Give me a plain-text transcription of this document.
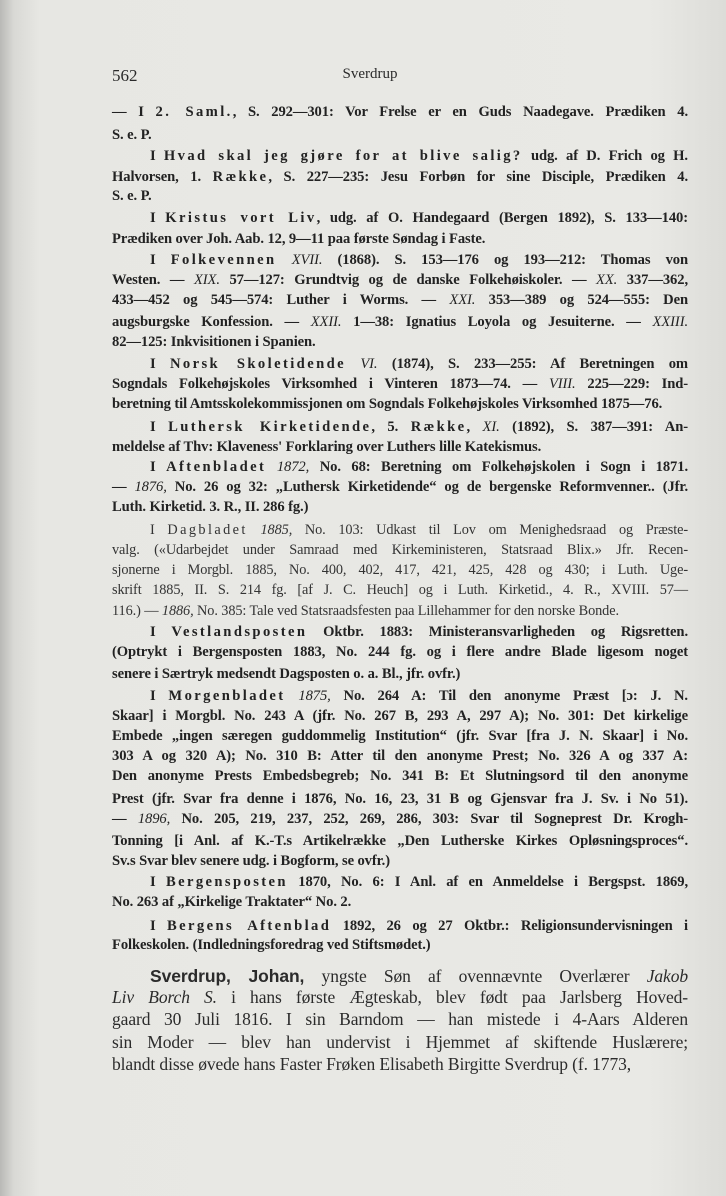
562	Sverdrup
— I 2. Saml., S. 292—301: Vor Frelse er en Guds Naadegave. Prædiken 4.
S. e. P.
I Hvad skal jeg gjøre for at blive salig? udg. af D. Frich og H.
Halvorsen, 1. Række, S. 227—235: Jesu Forbøn for sine Disciple, Prædiken 4.
S. e. P.
I Kristus vort Liv, udg. af O. Handegaard (Bergen 1892), S. 133—140:
Prædiken over Joh. Aab. 12, 9—11 paa første Søndag i Faste.
I Folkevennen XVII. (1868). S. 153—176 og 193—212: Thomas von
Westen. — XIX. 57—127: Grundtvig og de danske Folkehøiskoler. — XX. 337—362,
433—452 og 545—574: Luther i Worms. — XXI. 353—389 og 524—555: Den
augsburgske Konfession. — XXII. 1—38: Ignatius Loyola og Jesuiterne. — XXIII.
82—125: Inkvisitionen i Spanien.
I Norsk Skoletidende VI. (1874), S. 233—255: Af Beretningen om
Sogndals Folkehøjskoles Virksomhed i Vinteren 1873—74. — VIII. 225—229: Ind-
beretning til Amtsskolekommissjonen om Sogndals Folkehøjskoles Virksomhed 1875—76.
I Luthersk Kirketidende, 5. Række, XI. (1892), S. 387—391: An-
meldelse af Thv: Klaveness' Forklaring over Luthers lille Katekismus.
I Aftenbladet 1872, No. 68: Beretning om Folkehøjskolen i Sogn i 1871.
— 1876, No. 26 og 32: „Luthersk Kirketidende“ og de bergenske Reformvenner.. (Jfr.
Luth. Kirketid. 3. R., II. 286 fg.)
I Dagbladet 1885, No. 103: Udkast til Lov om Menighedsraad og Præste-
valg. («Udarbejdet under Samraad med Kirkeministeren, Statsraad Blix.» Jfr. Recen-
sjonerne i Morgbl. 1885, No. 400, 402, 417, 421, 425, 428 og 430; i Luth. Uge-
skrift 1885, II. S. 214 fg. [af J. C. Heuch] og i Luth. Kirketid., 4. R., XVIII. 57—
116.) — 1886, No. 385: Tale ved Statsraadsfesten paa Lillehammer for den norske Bonde.
I Vestlandsposten Oktbr. 1883: Ministeransvarligheden og Rigsretten.
(Optrykt i Bergensposten 1883, No. 244 fg. og i flere andre Blade ligesom noget
senere i Særtryk medsendt Dagsposten o. a. Bl., jfr. ovfr.)
I Morgenbladet 1875, No. 264 A: Til den anonyme Præst [ɔ: J. N.
Skaar] i Morgbl. No. 243 A (jfr. No. 267 B, 293 A, 297 A); No. 301: Det kirkelige
Embede „ingen særegen guddommelig Institution“ (jfr. Svar [fra J. N. Skaar] i No.
303 A og 320 A); No. 310 B: Atter til den anonyme Prest; No. 326 A og 337 A:
Den anonyme Prests Embedsbegreb; No. 341 B: Et Slutningsord til den anonyme
Prest (jfr. Svar fra denne i 1876, No. 16, 23, 31 B og Gjensvar fra J. Sv. i No 51).
— 1896, No. 205, 219, 237, 252, 269, 286, 303: Svar til Sogneprest Dr. Krogh-
Tonning [i Anl. af K.-T.s Artikelrække „Den Lutherske Kirkes Opløsningsproces“.
Sv.s Svar blev senere udg. i Bogform, se ovfr.)
I Bergensposten 1870, No. 6: I Anl. af en Anmeldelse i Bergspst. 1869,
No. 263 af „Kirkelige Traktater“ No. 2.
I Bergens Aftenblad 1892, 26 og 27 Oktbr.: Religionsundervisningen i
Folkeskolen. (Indledningsforedrag ved Stiftsmødet.)
Sverdrup, Johan, yngste Søn af ovennævnte Overlærer Jakob
Liv Borch S. i hans første Ægteskab, blev født paa Jarlsberg Hoved-
gaard 30 Juli 1816. I sin Barndom — han mistede i 4-Aars Alderen
sin Moder — blev han undervist i Hjemmet af skiftende Huslærere;
blandt disse øvede hans Faster Frøken Elisabeth Birgitte Sverdrup (f. 1773,
